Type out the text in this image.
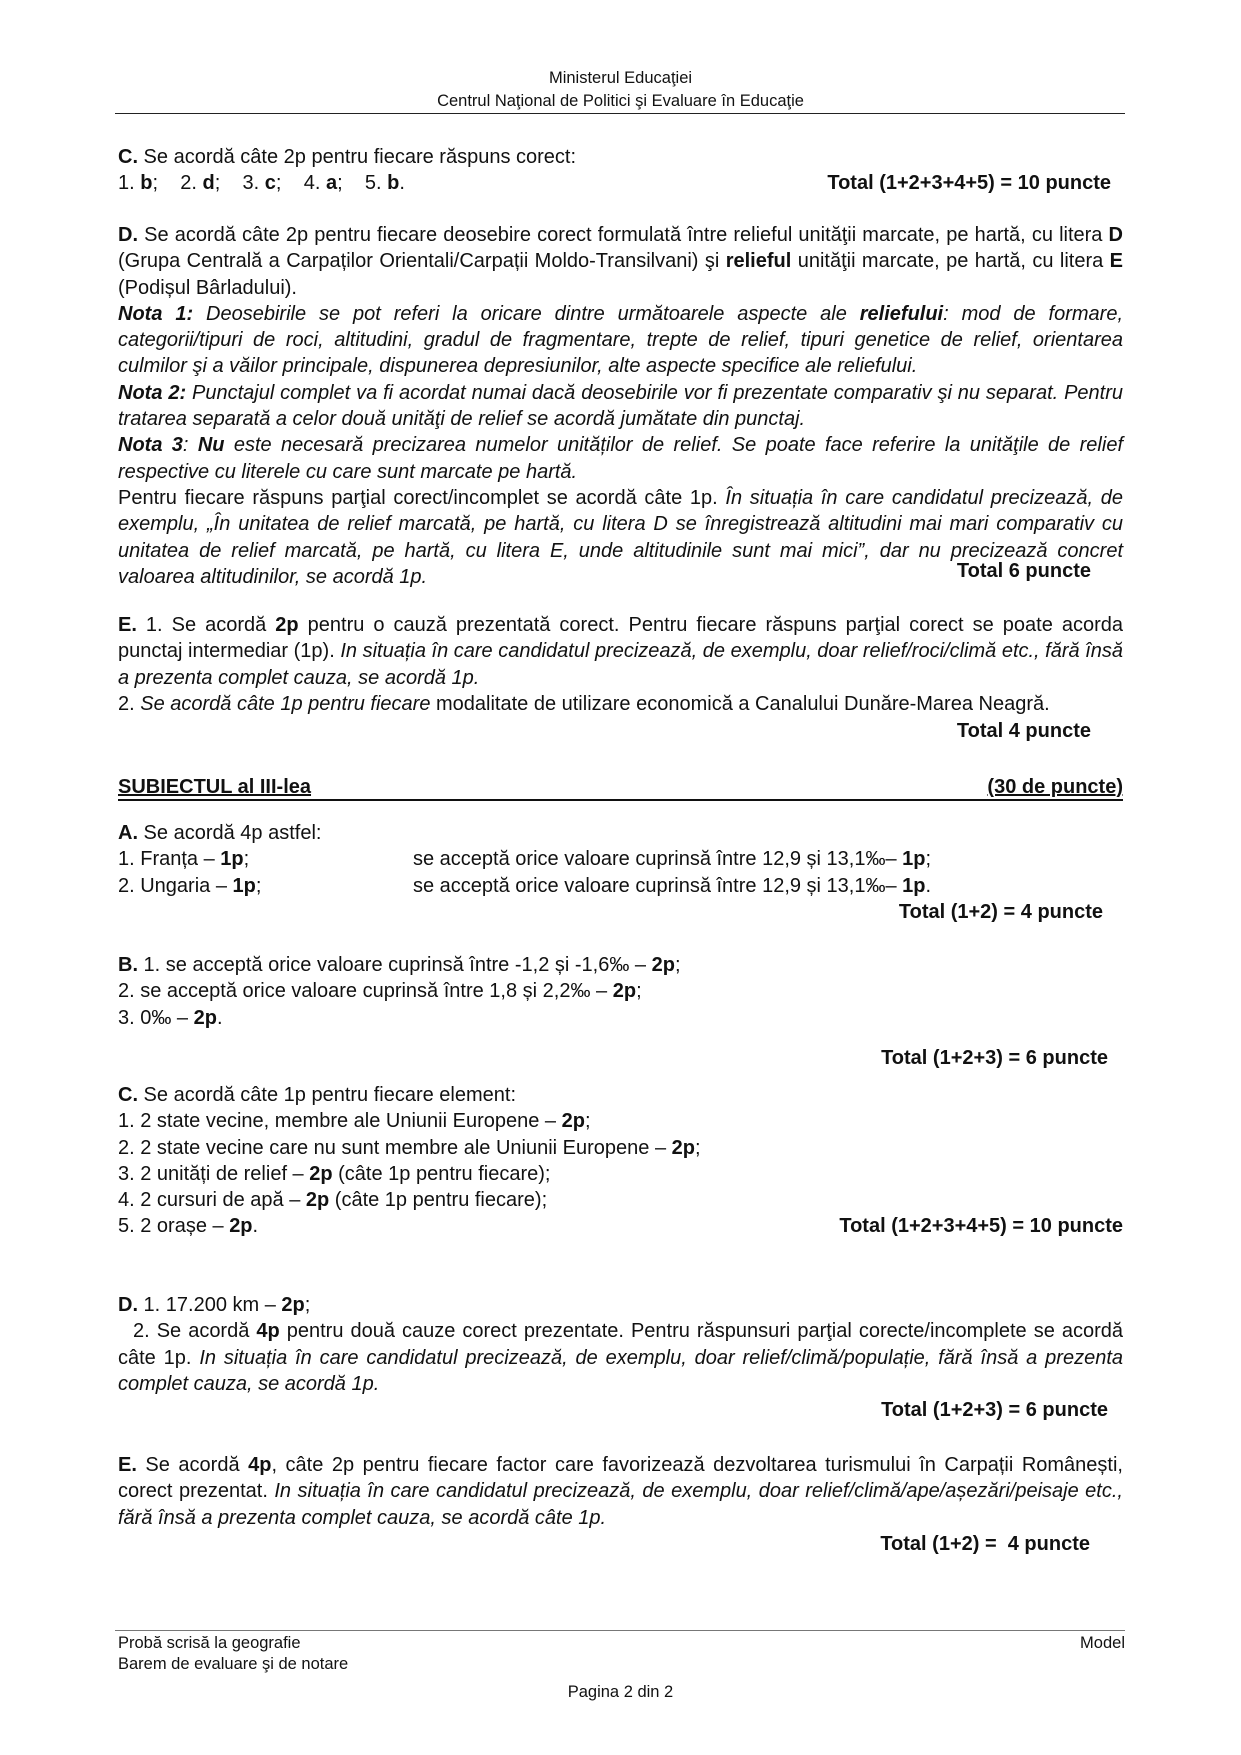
Ministerul Educaţiei
Centrul Naţional de Politici şi Evaluare în Educaţie

C. Se acordă câte 2p pentru fiecare răspuns corect:

1. b; 2. d; 3. c; 4. a; 5. b.	Total (1+2+3+4+5) = 10 puncte

D. Se acordă câte 2p pentru fiecare deosebire corect formulată între relieful unităţii marcate, pe hartă, cu litera D (Grupa Centrală a Carpaților Orientali/Carpații Moldo-Transilvani) şi relieful unităţii marcate, pe hartă, cu litera E (Podișul Bârladului).

Nota 1: Deosebirile se pot referi la oricare dintre următoarele aspecte ale reliefului: mod de formare, categorii/tipuri de roci, altitudini, gradul de fragmentare, trepte de relief, tipuri genetice de relief, orientarea culmilor şi a văilor principale, dispunerea depresiunilor, alte aspecte specifice ale reliefului.

Nota 2: Punctajul complet va fi acordat numai dacă deosebirile vor fi prezentate comparativ şi nu separat. Pentru tratarea separată a celor două unităţi de relief se acordă jumătate din punctaj.

Nota 3: Nu este necesară precizarea numelor unităților de relief. Se poate face referire la unităţile de relief respective cu literele cu care sunt marcate pe hartă.

Pentru fiecare răspuns parţial corect/incomplet se acordă câte 1p. În situația în care candidatul precizează, de exemplu, „În unitatea de relief marcată, pe hartă, cu litera D se înregistrează altitudini mai mari comparativ cu unitatea de relief marcată, pe hartă, cu litera E, unde altitudinile sunt mai mici”, dar nu precizează concret valoarea altitudinilor, se acordă 1p.	Total 6 puncte

E. 1. Se acordă 2p pentru o cauză prezentată corect. Pentru fiecare răspuns parţial corect se poate acorda punctaj intermediar (1p). In situația în care candidatul precizează, de exemplu, doar relief/roci/climă etc., fără însă a prezenta complet cauza, se acordă 1p.

2. Se acordă câte 1p pentru fiecare modalitate de utilizare economică a Canalului Dunăre-Marea Neagră.

Total 4 puncte
SUBIECTUL al III-lea	(30 de puncte)

A. Se acordă 4p astfel:

1. Franța – 1p;	se acceptă orice valoare cuprinsă între 12,9 și 13,1‰– 1p;

2. Ungaria – 1p;	se acceptă orice valoare cuprinsă între 12,9 și 13,1‰– 1p.

Total (1+2) = 4 puncte

B. 1. se acceptă orice valoare cuprinsă între -1,2 și -1,6‰ – 2p;

2. se acceptă orice valoare cuprinsă între 1,8 și 2,2‰ – 2p;

3. 0‰ – 2p.

Total (1+2+3) = 6 puncte

C. Se acordă câte 1p pentru fiecare element:

1. 2 state vecine, membre ale Uniunii Europene – 2p;

2. 2 state vecine care nu sunt membre ale Uniunii Europene – 2p;

3. 2 unități de relief – 2p (câte 1p pentru fiecare);

4. 2 cursuri de apă – 2p (câte 1p pentru fiecare);

5. 2 orașe – 2p.	Total (1+2+3+4+5) = 10 puncte

D. 1. 17.200 km – 2p;

2. Se acordă 4p pentru două cauze corect prezentate. Pentru răspunsuri parţial corecte/incomplete se acordă câte 1p. In situația în care candidatul precizează, de exemplu, doar relief/climă/populație, fără însă a prezenta complet cauza, se acordă 1p.

Total (1+2+3) = 6 puncte

E. Se acordă 4p, câte 2p pentru fiecare factor care favorizează dezvoltarea turismului în Carpații Românești, corect prezentat. In situația în care candidatul precizează, de exemplu, doar relief/climă/ape/așezări/peisaje etc., fără însă a prezenta complet cauza, se acordă câte 1p.

Total (1+2) =  4 puncte

Probă scrisă la geografie
Barem de evaluare şi de notare
Model
Pagina 2 din 2
